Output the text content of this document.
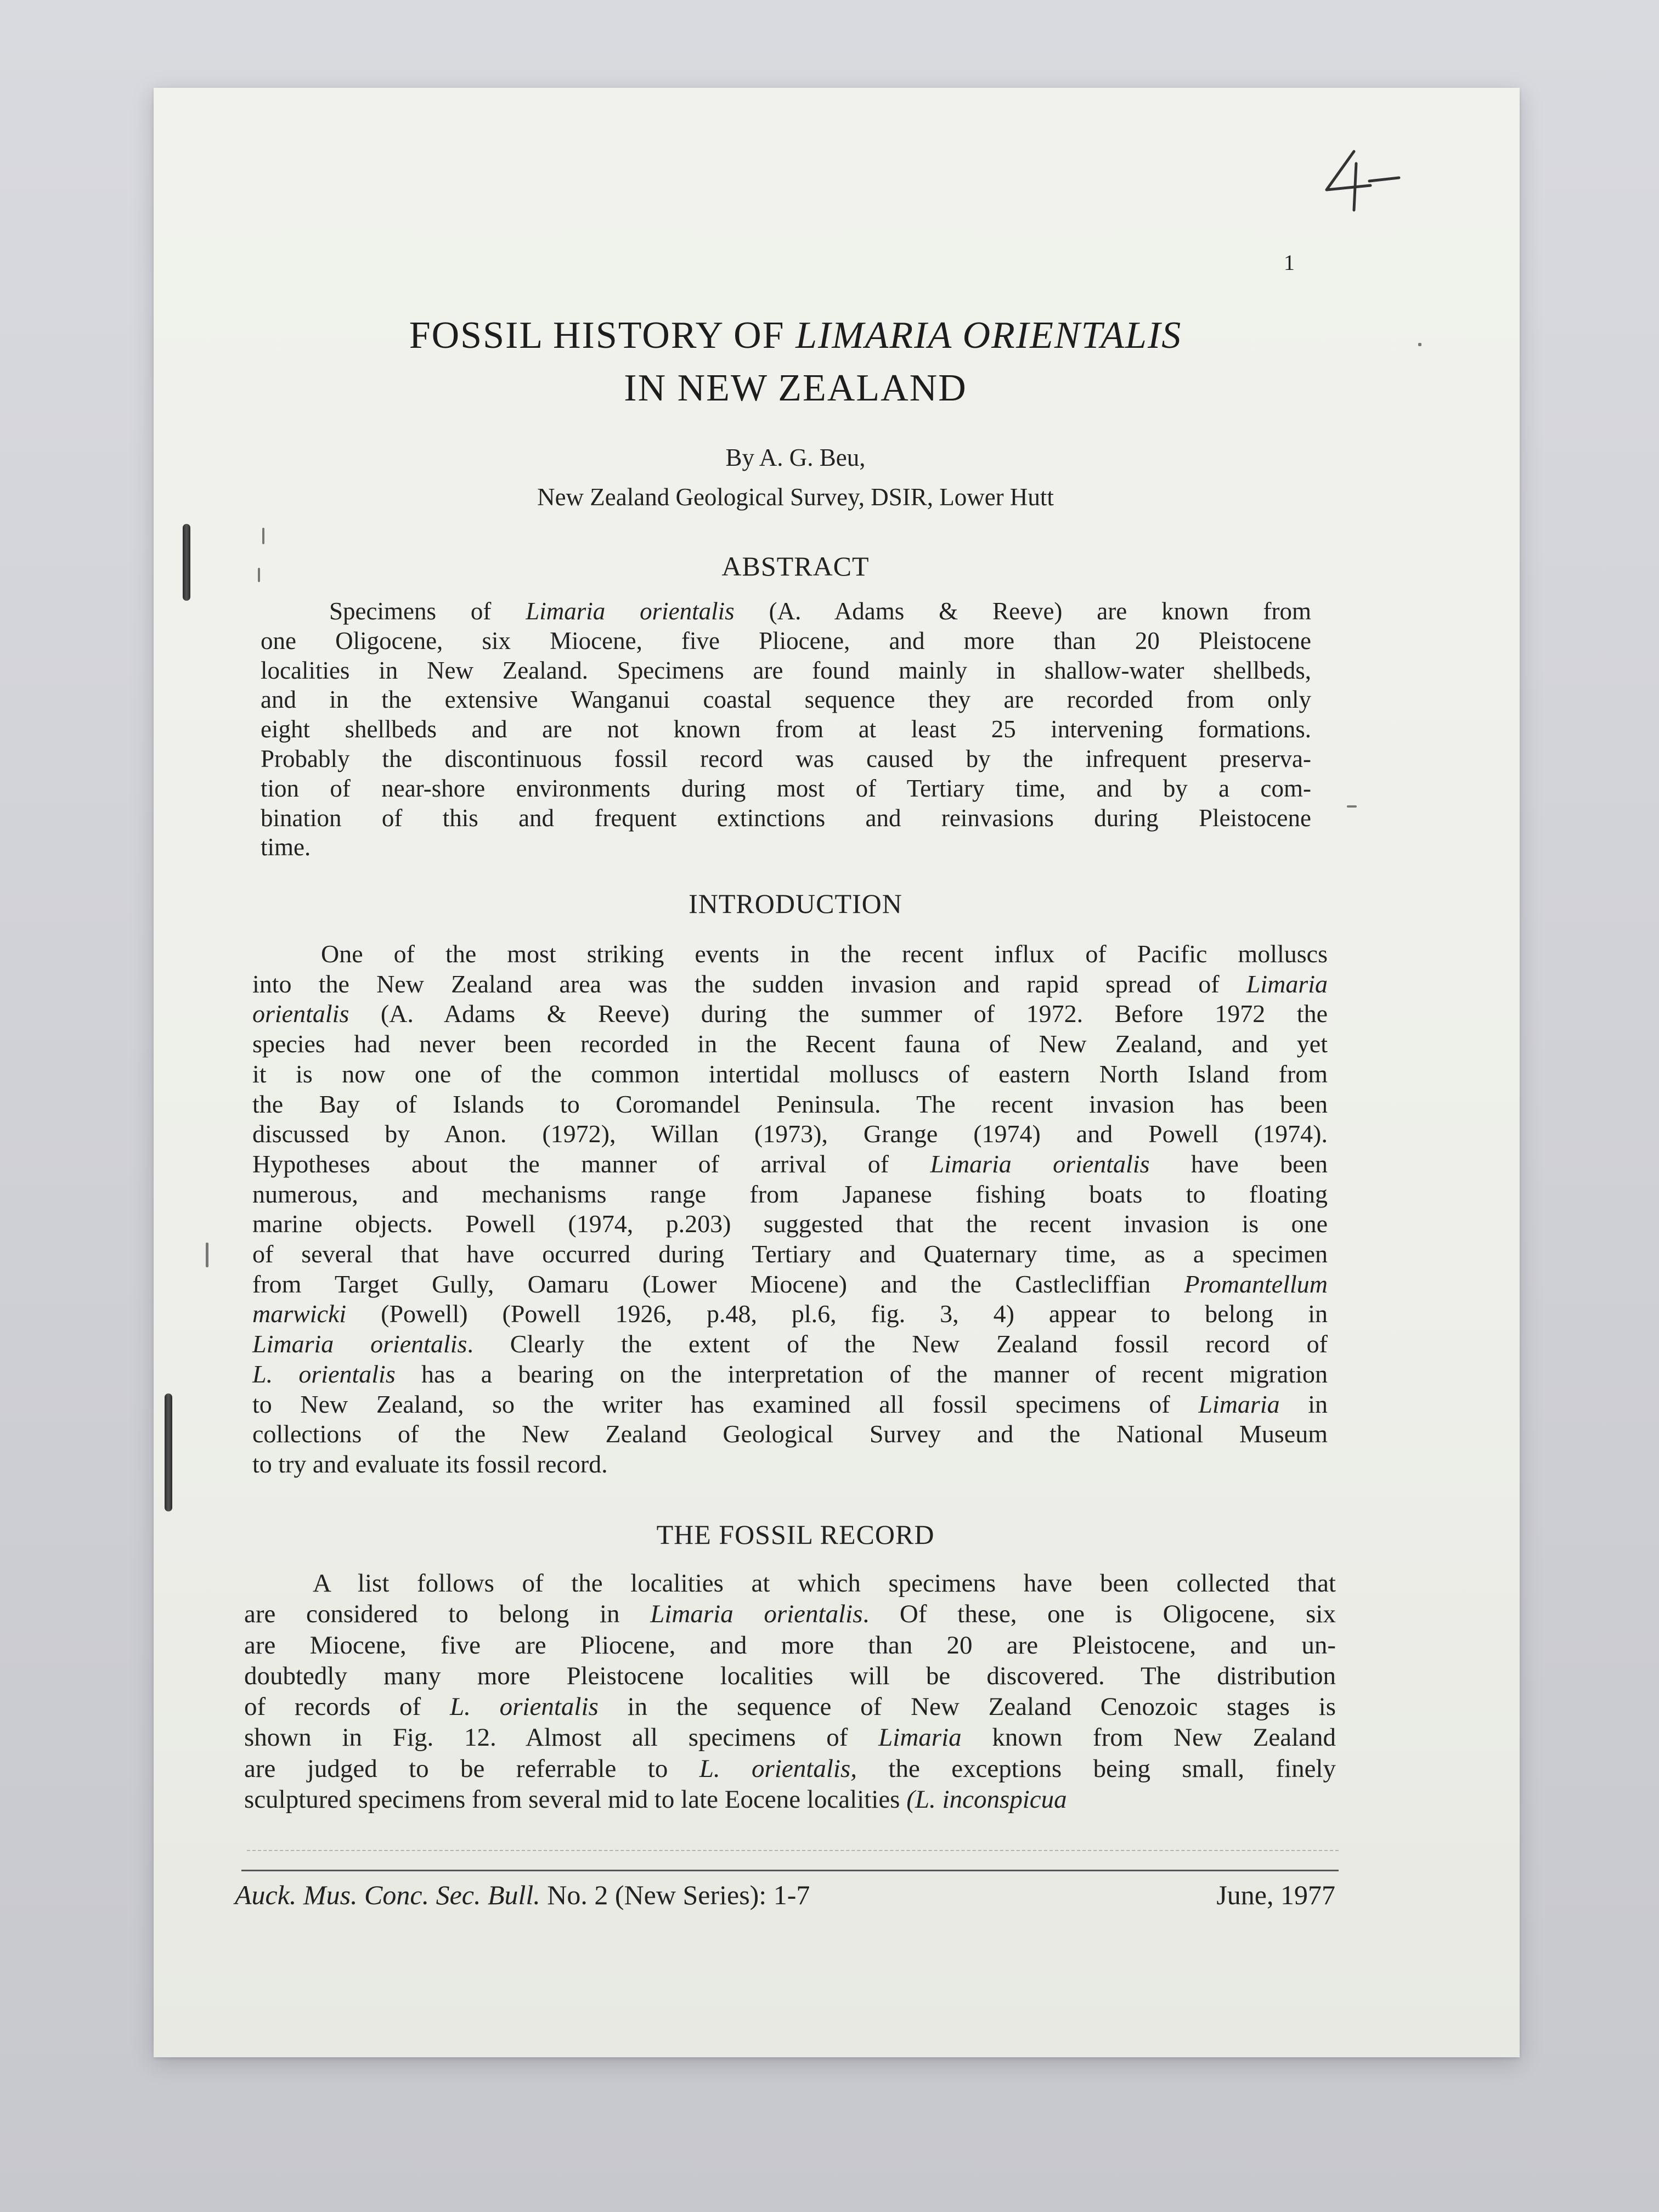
1
FOSSIL HISTORY OF LIMARIA ORIENTALIS
IN NEW ZEALAND
By A. G. Beu,
New Zealand Geological Survey, DSIR, Lower Hutt
ABSTRACT
Specimens of Limaria orientalis (A. Adams & Reeve) are known from
one Oligocene, six Miocene, five Pliocene, and more than 20 Pleistocene
localities in New Zealand. Specimens are found mainly in shallow-water shellbeds,
and in the extensive Wanganui coastal sequence they are recorded from only
eight shellbeds and are not known from at least 25 intervening formations.
Probably the discontinuous fossil record was caused by the infrequent preserva-
tion of near-shore environments during most of Tertiary time, and by a com-
bination of this and frequent extinctions and reinvasions during Pleistocene
time.
INTRODUCTION
One of the most striking events in the recent influx of Pacific molluscs
into the New Zealand area was the sudden invasion and rapid spread of Limaria
orientalis (A. Adams & Reeve) during the summer of 1972. Before 1972 the
species had never been recorded in the Recent fauna of New Zealand, and yet
it is now one of the common intertidal molluscs of eastern North Island from
the Bay of Islands to Coromandel Peninsula. The recent invasion has been
discussed by Anon. (1972), Willan (1973), Grange (1974) and Powell (1974).
Hypotheses about the manner of arrival of Limaria orientalis have been
numerous, and mechanisms range from Japanese fishing boats to floating
marine objects. Powell (1974, p.203) suggested that the recent invasion is one
of several that have occurred during Tertiary and Quaternary time, as a specimen
from Target Gully, Oamaru (Lower Miocene) and the Castlecliffian Promantellum
marwicki (Powell) (Powell 1926, p.48, pl.6, fig. 3, 4) appear to belong in
Limaria orientalis. Clearly the extent of the New Zealand fossil record of
L. orientalis has a bearing on the interpretation of the manner of recent migration
to New Zealand, so the writer has examined all fossil specimens of Limaria in
collections of the New Zealand Geological Survey and the National Museum
to try and evaluate its fossil record.
THE FOSSIL RECORD
A list follows of the localities at which specimens have been collected that
are considered to belong in Limaria orientalis. Of these, one is Oligocene, six
are Miocene, five are Pliocene, and more than 20 are Pleistocene, and un-
doubtedly many more Pleistocene localities will be discovered. The distribution
of records of L. orientalis in the sequence of New Zealand Cenozoic stages is
shown in Fig. 12. Almost all specimens of Limaria known from New Zealand
are judged to be referrable to L. orientalis, the exceptions being small, finely
sculptured specimens from several mid to late Eocene localities (L. inconspicua
Auck. Mus. Conc. Sec. Bull. No. 2 (New Series): 1-7	June, 1977
